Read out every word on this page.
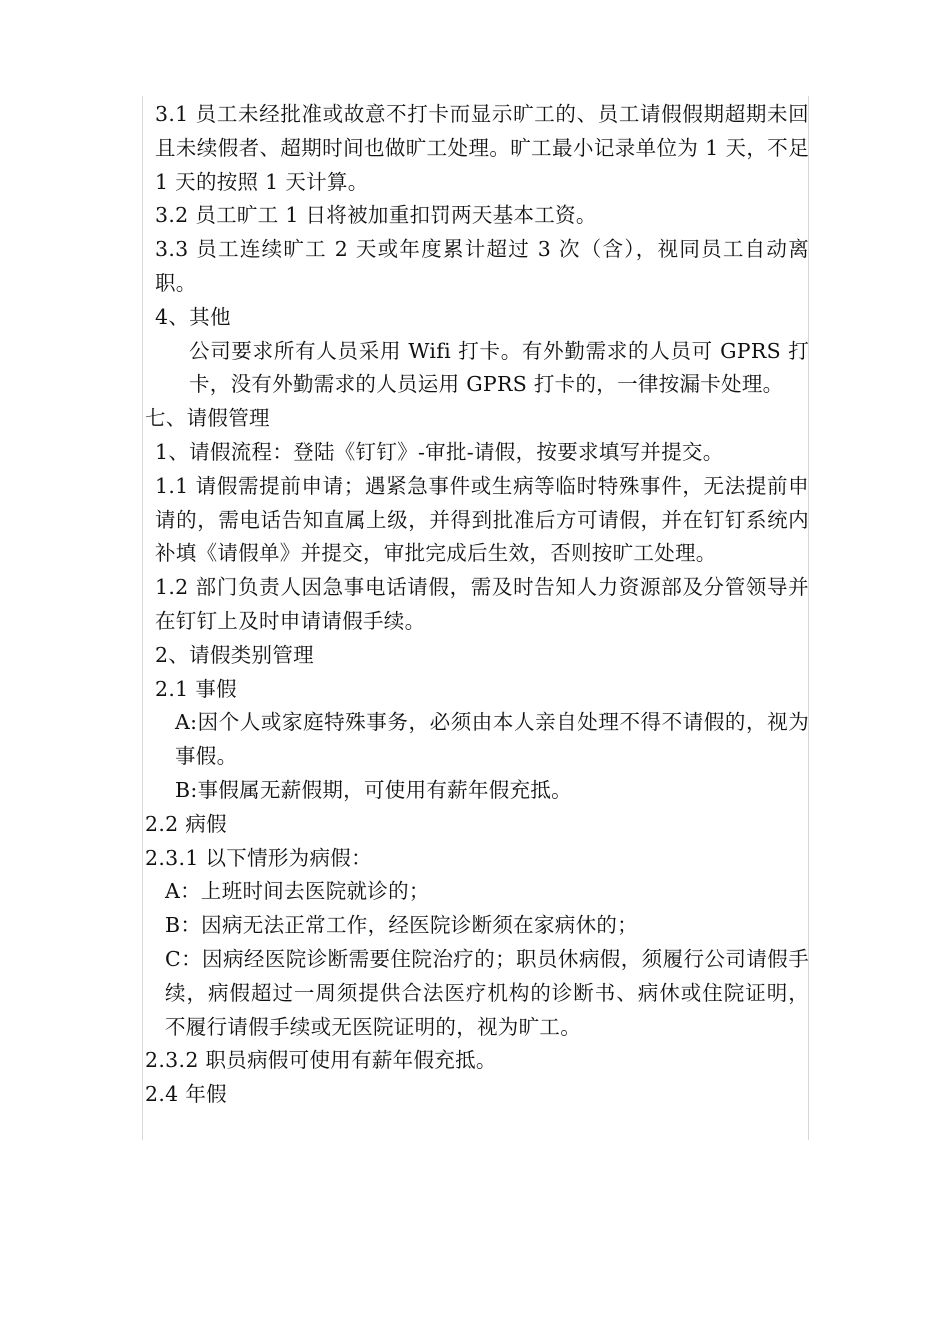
3.1 员工未经批准或故意不打卡而显示旷工的、员工请假假期超期未回且未续假者、超期时间也做旷工处理。旷工最小记录单位为 1 天，不足 1 天的按照 1 天计算。

3.2 员工旷工 1 日将被加重扣罚两天基本工资。

3.3 员工连续旷工 2 天或年度累计超过 3 次（含），视同员工自动离职。

4、其他

公司要求所有人员采用 Wifi 打卡。有外勤需求的人员可 GPRS 打卡，没有外勤需求的人员运用 GPRS 打卡的，一律按漏卡处理。

七、请假管理

1、请假流程：登陆《钉钉》-审批-请假，按要求填写并提交。

1.1 请假需提前申请；遇紧急事件或生病等临时特殊事件，无法提前申请的，需电话告知直属上级，并得到批准后方可请假，并在钉钉系统内补填《请假单》并提交，审批完成后生效，否则按旷工处理。

1.2 部门负责人因急事电话请假，需及时告知人力资源部及分管领导并在钉钉上及时申请请假手续。

2、请假类别管理

2.1 事假

A:因个人或家庭特殊事务，必须由本人亲自处理不得不请假的，视为事假。

B:事假属无薪假期，可使用有薪年假充抵。

2.2 病假

2.3.1 以下情形为病假：

A：上班时间去医院就诊的；

B：因病无法正常工作，经医院诊断须在家病休的；

C：因病经医院诊断需要住院治疗的；职员休病假，须履行公司请假手续，病假超过一周须提供合法医疗机构的诊断书、病休或住院证明，不履行请假手续或无医院证明的，视为旷工。

2.3.2 职员病假可使用有薪年假充抵。

2.4 年假
